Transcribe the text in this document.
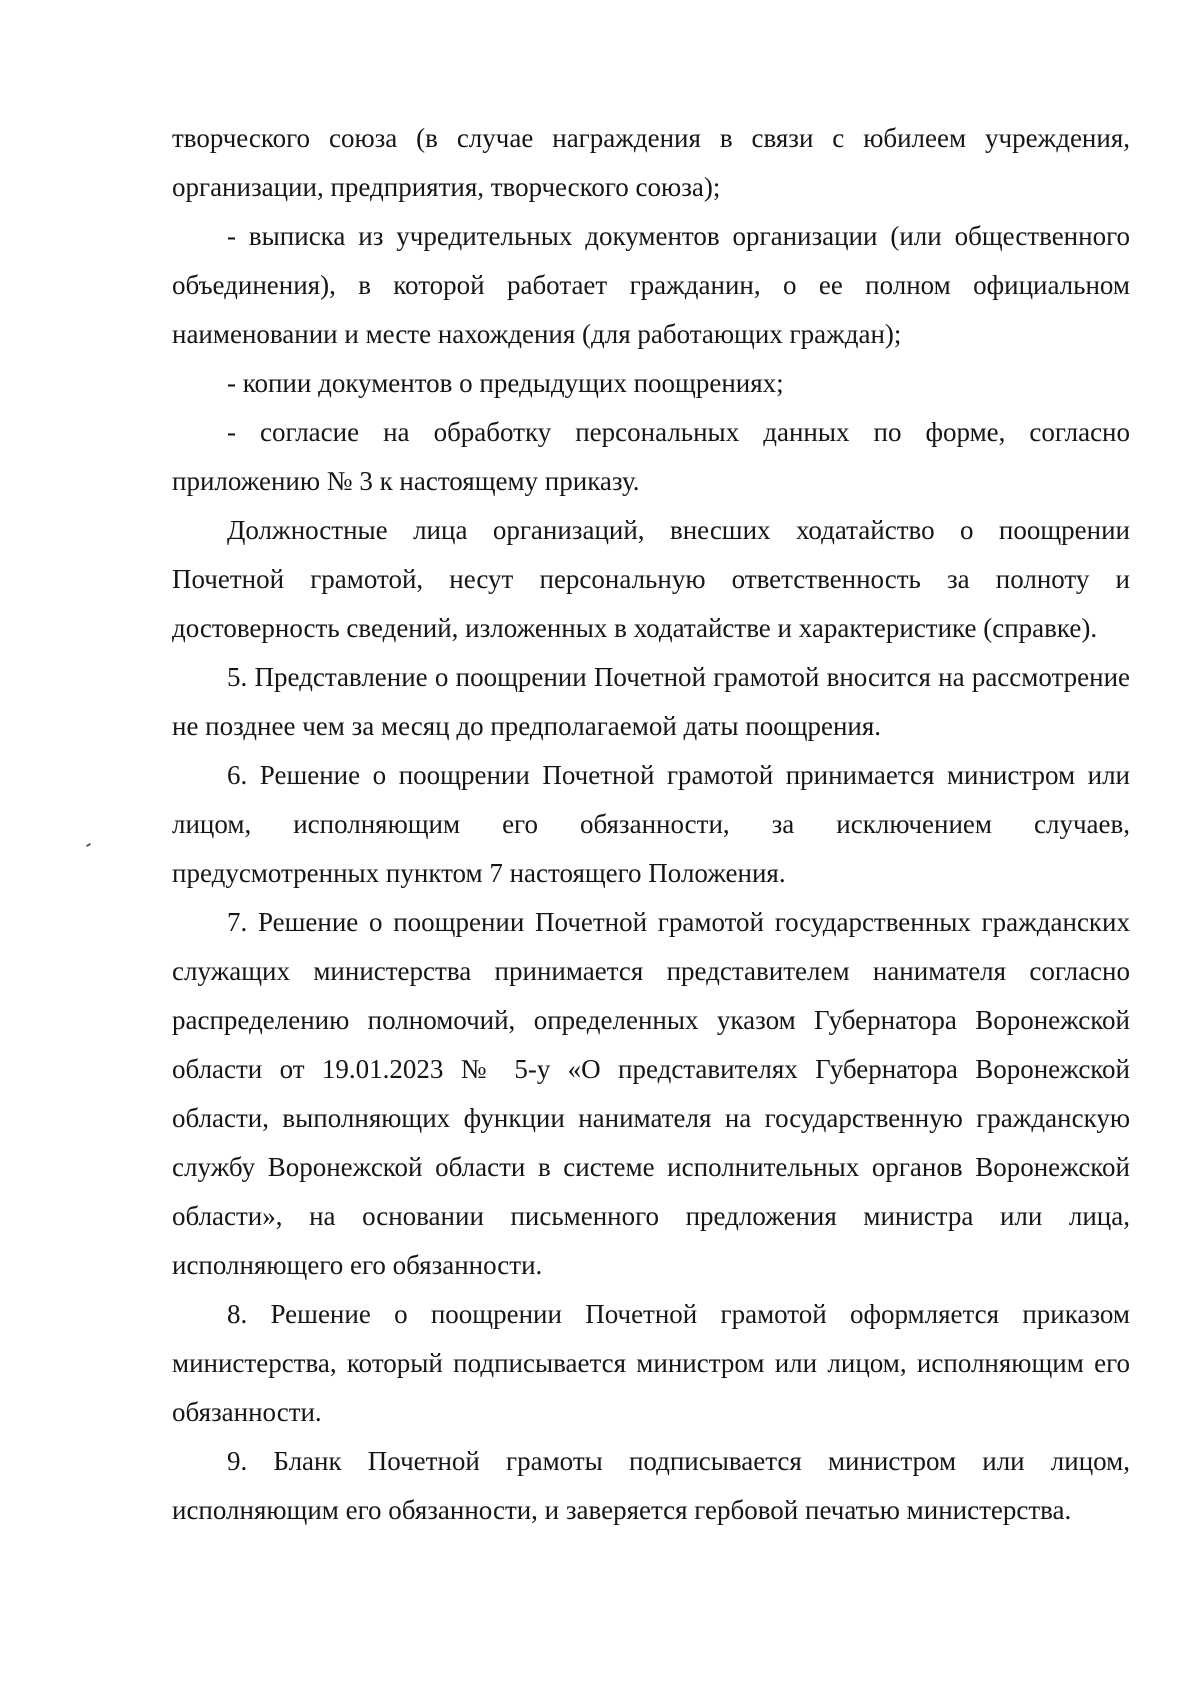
творческого союза (в случае награждения в связи с юбилеем учреждения, организации, предприятия, творческого союза);

- выписка из учредительных документов организации (или общественного объединения), в которой работает гражданин, о ее полном официальном наименовании и месте нахождения (для работающих граждан);

- копии документов о предыдущих поощрениях;

- согласие на обработку персональных данных по форме, согласно приложению № 3 к настоящему приказу.

Должностные лица организаций, внесших ходатайство о поощрении Почетной грамотой, несут персональную ответственность за полноту и достоверность сведений, изложенных в ходатайстве и характеристике (справке).

5. Представление о поощрении Почетной грамотой вносится на рассмотрение не позднее чем за месяц до предполагаемой даты поощрения.

6. Решение о поощрении Почетной грамотой принимается министром или лицом, исполняющим его обязанности, за исключением случаев, предусмотренных пунктом 7 настоящего Положения.

7. Решение о поощрении Почетной грамотой государственных гражданских служащих министерства принимается представителем нанимателя согласно распределению полномочий, определенных указом Губернатора Воронежской области от 19.01.2023 № 5-у «О представителях Губернатора Воронежской области, выполняющих функции нанимателя на государственную гражданскую службу Воронежской области в системе исполнительных органов Воронежской области», на основании письменного предложения министра или лица, исполняющего его обязанности.

8. Решение о поощрении Почетной грамотой оформляется приказом министерства, который подписывается министром или лицом, исполняющим его обязанности.

9. Бланк Почетной грамоты подписывается министром или лицом, исполняющим его обязанности, и заверяется гербовой печатью министерства.
